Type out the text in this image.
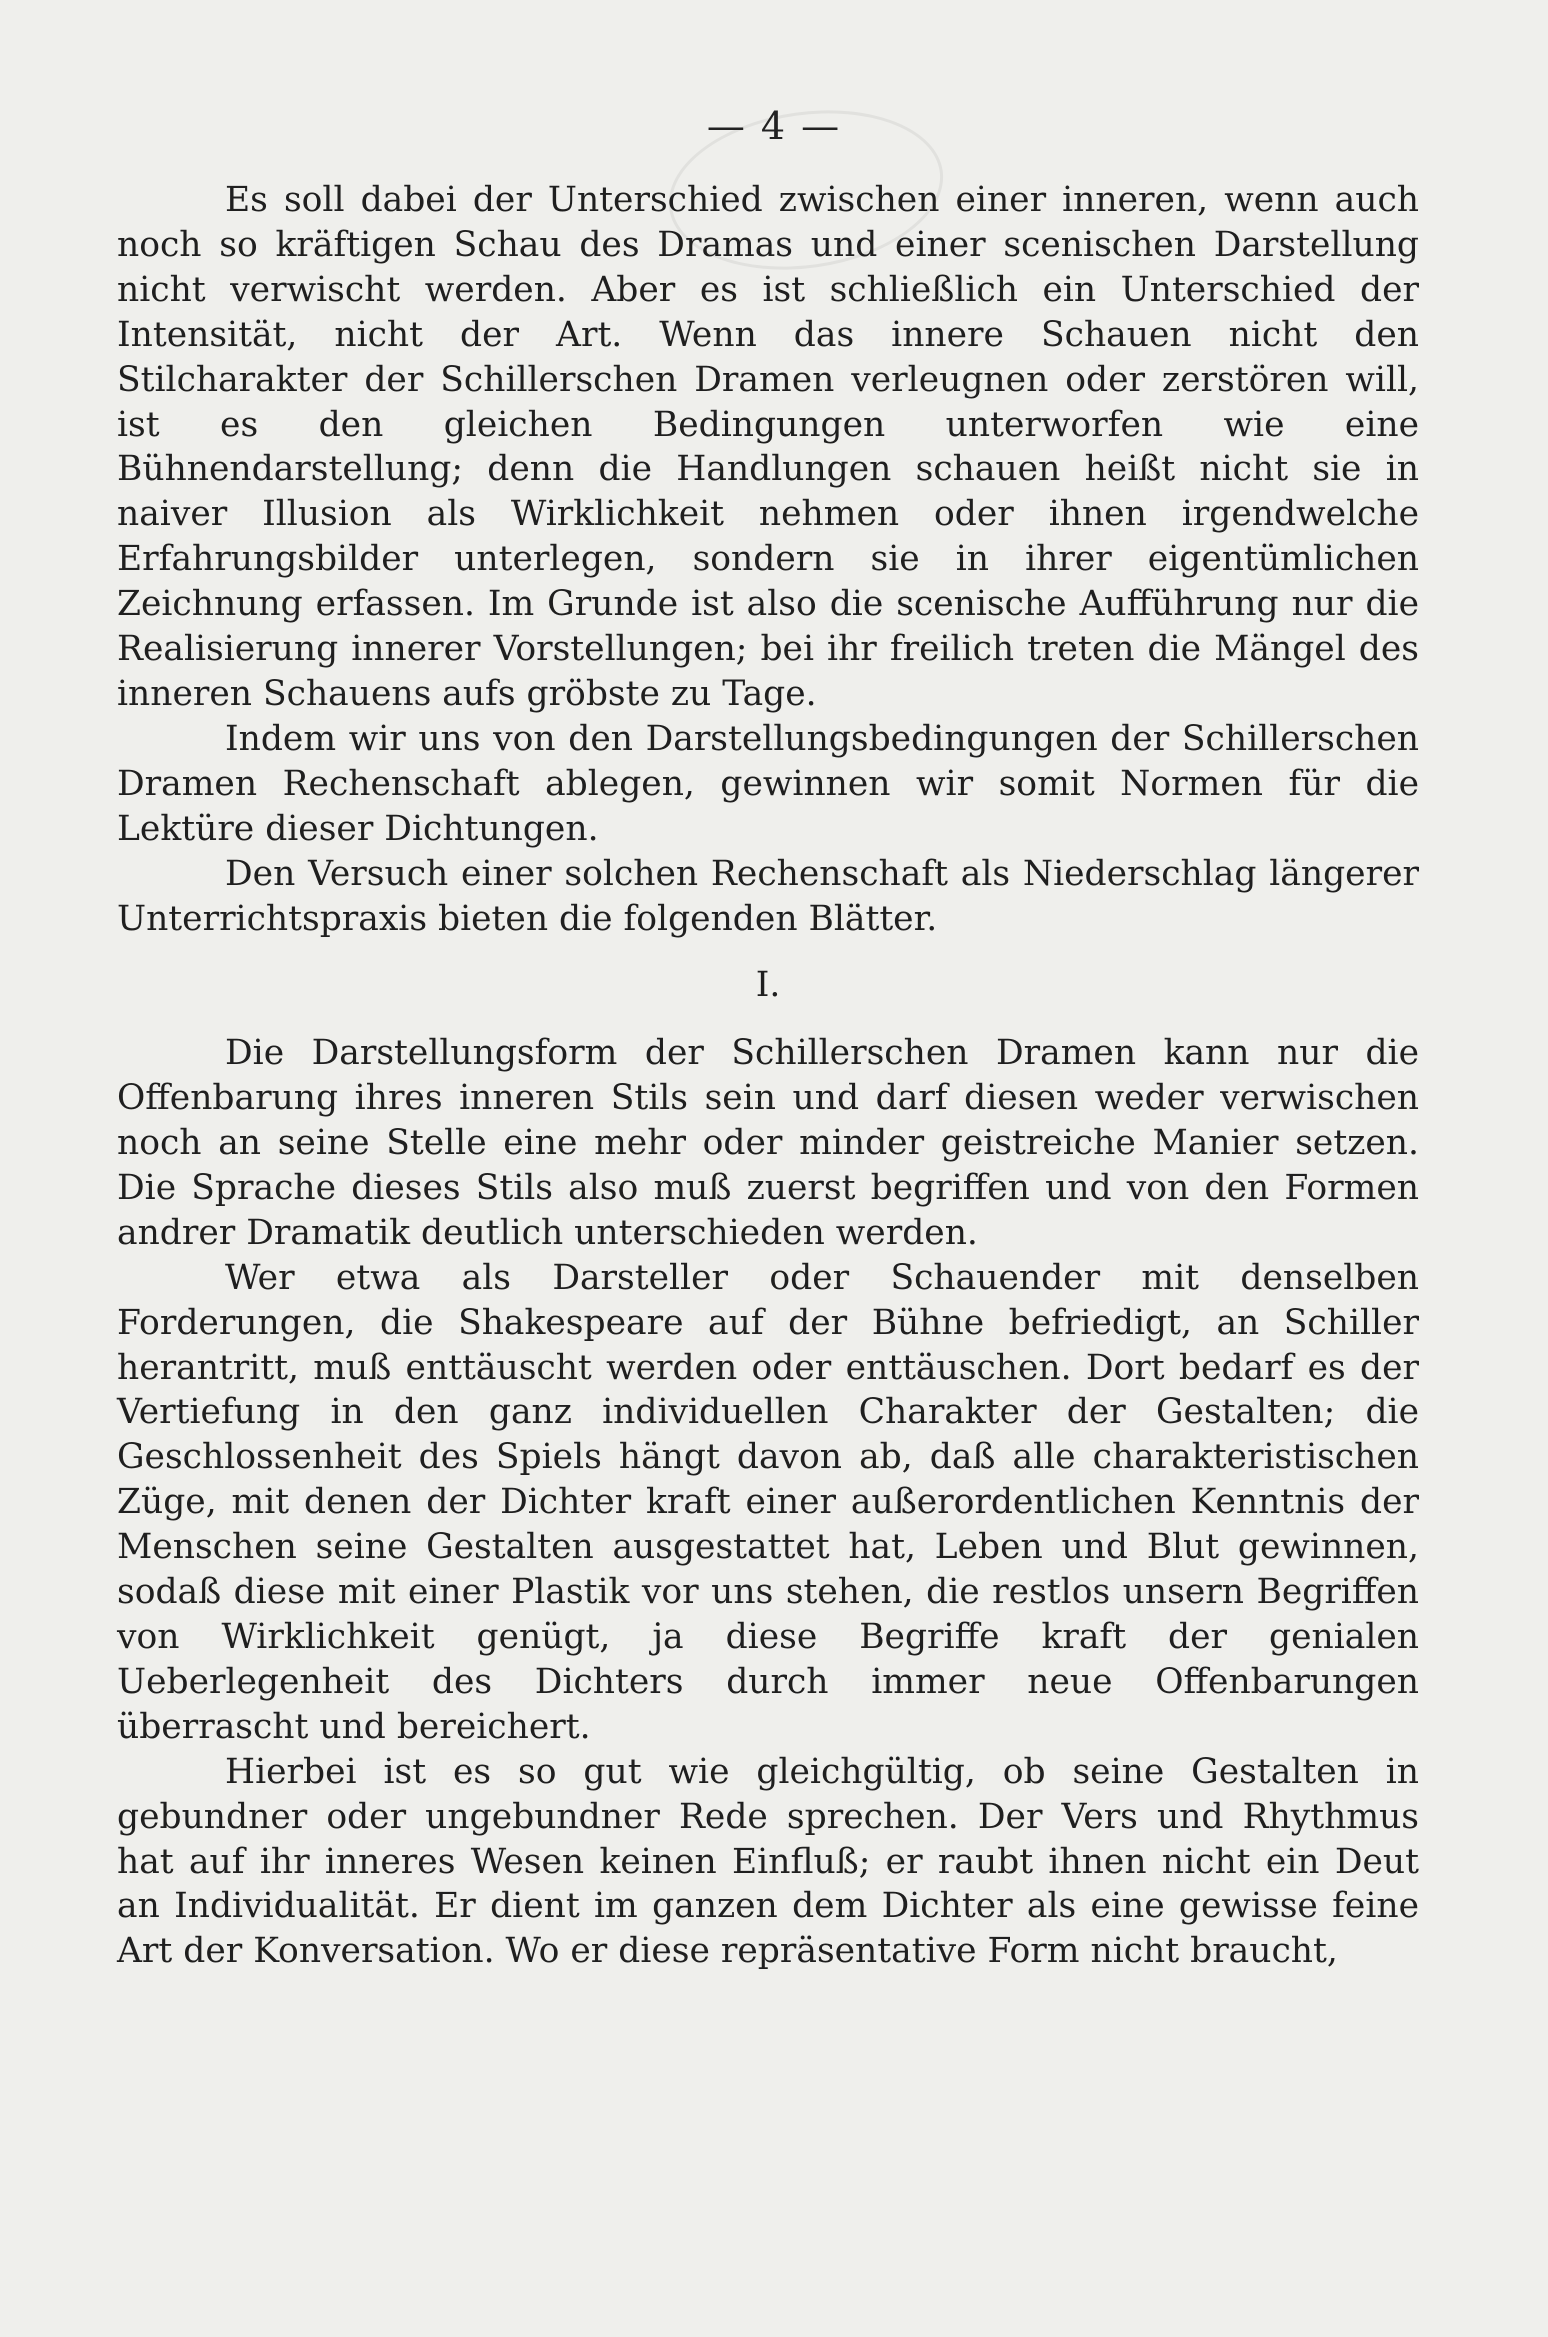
— 4 —

Es soll dabei der Unterschied zwischen einer inneren, wenn auch noch so kräftigen Schau des Dramas und einer scenischen Darstellung nicht verwischt werden. Aber es ist schließlich ein Unterschied der Intensität, nicht der Art. Wenn das innere Schauen nicht den Stilcharakter der Schillerschen Dramen verleugnen oder zerstören will, ist es den gleichen Bedingungen unterworfen wie eine Bühnendarstellung; denn die Handlungen schauen heißt nicht sie in naiver Illusion als Wirklichkeit nehmen oder ihnen irgendwelche Erfahrungsbilder unterlegen, sondern sie in ihrer eigentümlichen Zeichnung erfassen. Im Grunde ist also die scenische Aufführung nur die Realisierung innerer Vorstellungen; bei ihr freilich treten die Mängel des inneren Schauens aufs gröbste zu Tage.

Indem wir uns von den Darstellungsbedingungen der Schillerschen Dramen Rechenschaft ablegen, gewinnen wir somit Normen für die Lektüre dieser Dichtungen.

Den Versuch einer solchen Rechenschaft als Niederschlag längerer Unterrichtspraxis bieten die folgenden Blätter.

I.

Die Darstellungsform der Schillerschen Dramen kann nur die Offenbarung ihres inneren Stils sein und darf diesen weder verwischen noch an seine Stelle eine mehr oder minder geistreiche Manier setzen. Die Sprache dieses Stils also muß zuerst begriffen und von den Formen andrer Dramatik deutlich unterschieden werden.

Wer etwa als Darsteller oder Schauender mit denselben Forderungen, die Shakespeare auf der Bühne befriedigt, an Schiller herantritt, muß enttäuscht werden oder enttäuschen. Dort bedarf es der Vertiefung in den ganz individuellen Charakter der Gestalten; die Geschlossenheit des Spiels hängt davon ab, daß alle charakteristischen Züge, mit denen der Dichter kraft einer außerordentlichen Kenntnis der Menschen seine Gestalten ausgestattet hat, Leben und Blut gewinnen, sodaß diese mit einer Plastik vor uns stehen, die restlos unsern Begriffen von Wirklichkeit genügt, ja diese Begriffe kraft der genialen Ueberlegenheit des Dichters durch immer neue Offenbarungen überrascht und bereichert.

Hierbei ist es so gut wie gleichgültig, ob seine Gestalten in gebundner oder ungebundner Rede sprechen. Der Vers und Rhythmus hat auf ihr inneres Wesen keinen Einfluß; er raubt ihnen nicht ein Deut an Individualität. Er dient im ganzen dem Dichter als eine gewisse feine Art der Konversation. Wo er diese repräsentative Form nicht braucht,
